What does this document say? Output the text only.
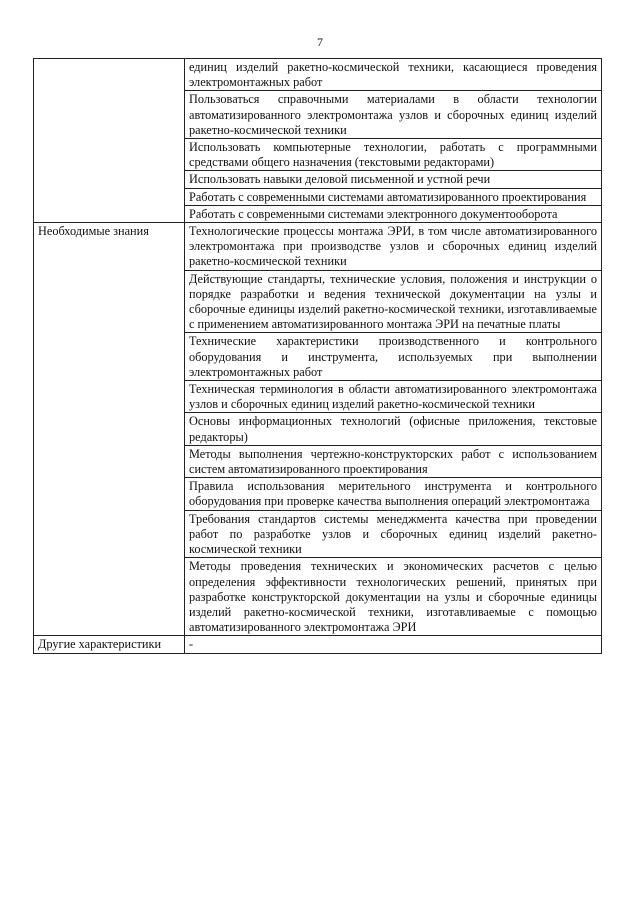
7
	единиц изделий ракетно-космической техники, касающиеся проведения электромонтажных работ
	Пользоваться справочными материалами в области технологии автоматизированного электромонтажа узлов и сборочных единиц изделий ракетно-космической техники
	Использовать компьютерные технологии, работать с программными средствами общего назначения (текстовыми редакторами)
	Использовать навыки деловой письменной и устной речи
	Работать с современными системами автоматизированного проектирования
	Работать с современными системами электронного документооборота
Необходимые знания	Технологические процессы монтажа ЭРИ, в том числе автоматизированного электромонтажа при производстве узлов и сборочных единиц изделий ракетно-космической техники
	Действующие стандарты, технические условия, положения и инструкции о порядке разработки и ведения технической документации на узлы и сборочные единицы изделий ракетно-космической техники, изготавливаемые с применением автоматизированного монтажа ЭРИ на печатные платы
	Технические характеристики производственного и контрольного оборудования и инструмента, используемых при выполнении электромонтажных работ
	Техническая терминология в области автоматизированного электромонтажа узлов и сборочных единиц изделий ракетно-космической техники
	Основы информационных технологий (офисные приложения, текстовые редакторы)
	Методы выполнения чертежно-конструкторских работ с использованием систем автоматизированного проектирования
	Правила использования мерительного инструмента и контрольного оборудования при проверке качества выполнения операций электромонтажа
	Требования стандартов системы менеджмента качества при проведении работ по разработке узлов и сборочных единиц изделий ракетно-космической техники
	Методы проведения технических и экономических расчетов с целью определения эффективности технологических решений, принятых при разработке конструкторской документации на узлы и сборочные единицы изделий ракетно-космической техники, изготавливаемые с помощью автоматизированного электромонтажа ЭРИ
Другие характеристики	-
